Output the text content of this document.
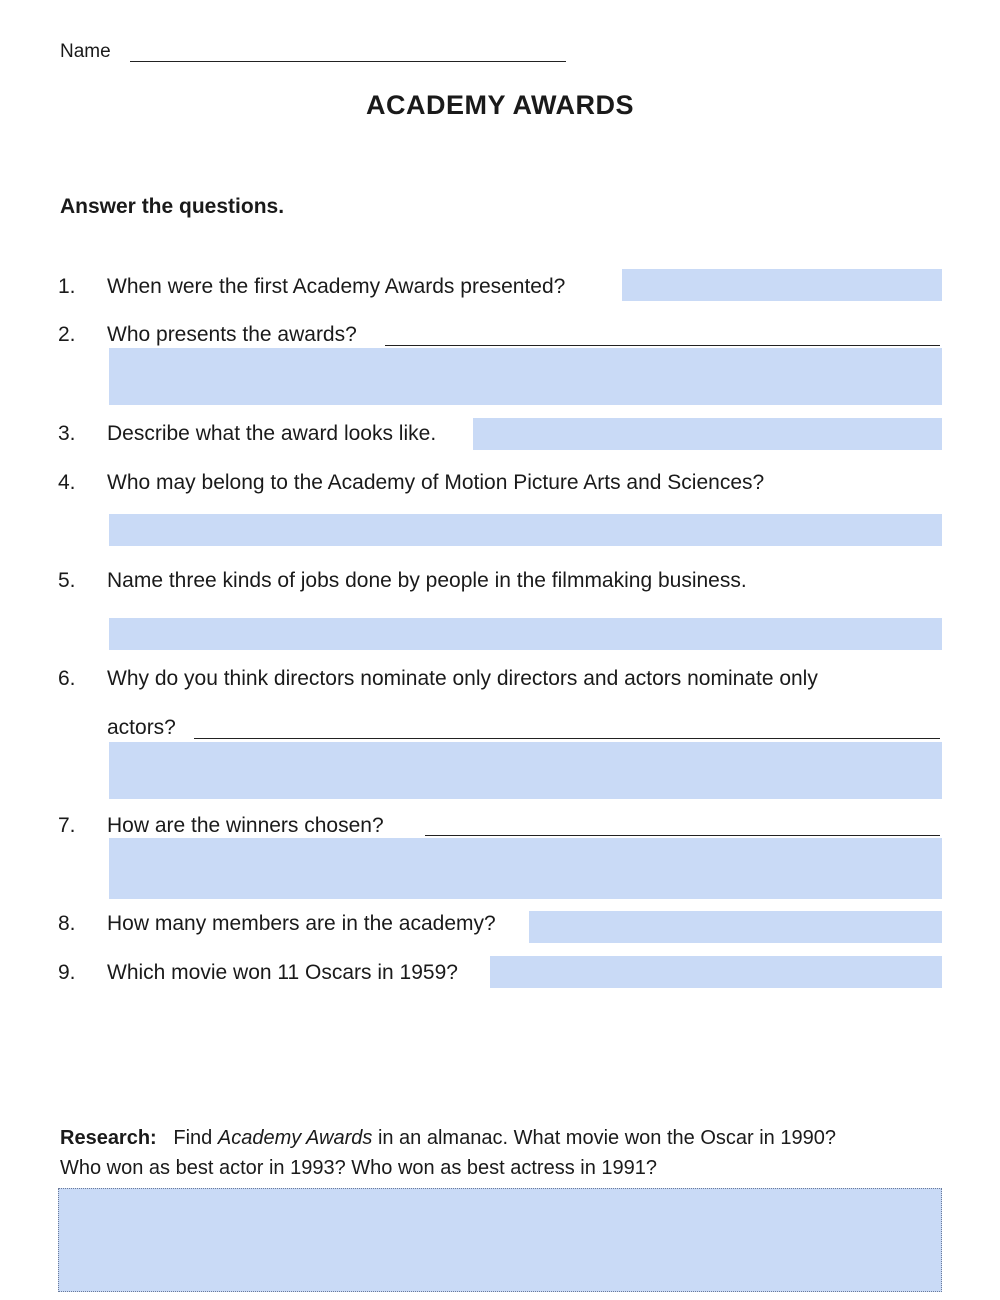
Name
ACADEMY AWARDS
Answer the questions.
1. When were the first Academy Awards presented?
2. Who presents the awards?
3. Describe what the award looks like.
4. Who may belong to the Academy of Motion Picture Arts and Sciences?
5. Name three kinds of jobs done by people in the filmmaking business.
6. Why do you think directors nominate only directors and actors nominate only
actors?
7. How are the winners chosen?
8. How many members are in the academy?
9. Which movie won 11 Oscars in 1959?
Research: Find Academy Awards in an almanac. What movie won the Oscar in 1990?
Who won as best actor in 1993? Who won as best actress in 1991?
